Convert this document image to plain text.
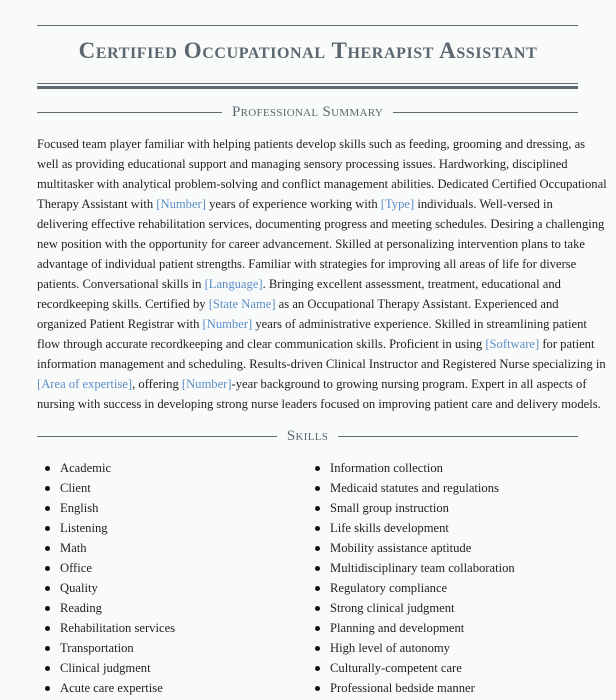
Certified Occupational Therapist Assistant
Professional Summary
Focused team player familiar with helping patients develop skills such as feeding, grooming and dressing, as
well as providing educational support and managing sensory processing issues. Hardworking, disciplined
multitasker with analytical problem-solving and conflict management abilities. Dedicated Certified Occupational
Therapy Assistant with [Number] years of experience working with [Type] individuals. Well-versed in
delivering effective rehabilitation services, documenting progress and meeting schedules. Desiring a challenging
new position with the opportunity for career advancement. Skilled at personalizing intervention plans to take
advantage of individual patient strengths. Familiar with strategies for improving all areas of life for diverse
patients. Conversational skills in [Language]. Bringing excellent assessment, treatment, educational and
recordkeeping skills. Certified by [State Name] as an Occupational Therapy Assistant. Experienced and
organized Patient Registrar with [Number] years of administrative experience. Skilled in streamlining patient
flow through accurate recordkeeping and clear communication skills. Proficient in using [Software] for patient
information management and scheduling. Results-driven Clinical Instructor and Registered Nurse specializing in
[Area of expertise], offering [Number]-year background to growing nursing program. Expert in all aspects of
nursing with success in developing strong nurse leaders focused on improving patient care and delivery models.
Skills
Academic
Client
English
Listening
Math
Office
Quality
Reading
Rehabilitation services
Transportation
Clinical judgment
Acute care expertise
Information collection
Medicaid statutes and regulations
Small group instruction
Life skills development
Mobility assistance aptitude
Multidisciplinary team collaboration
Regulatory compliance
Strong clinical judgment
Planning and development
High level of autonomy
Culturally-competent care
Professional bedside manner
